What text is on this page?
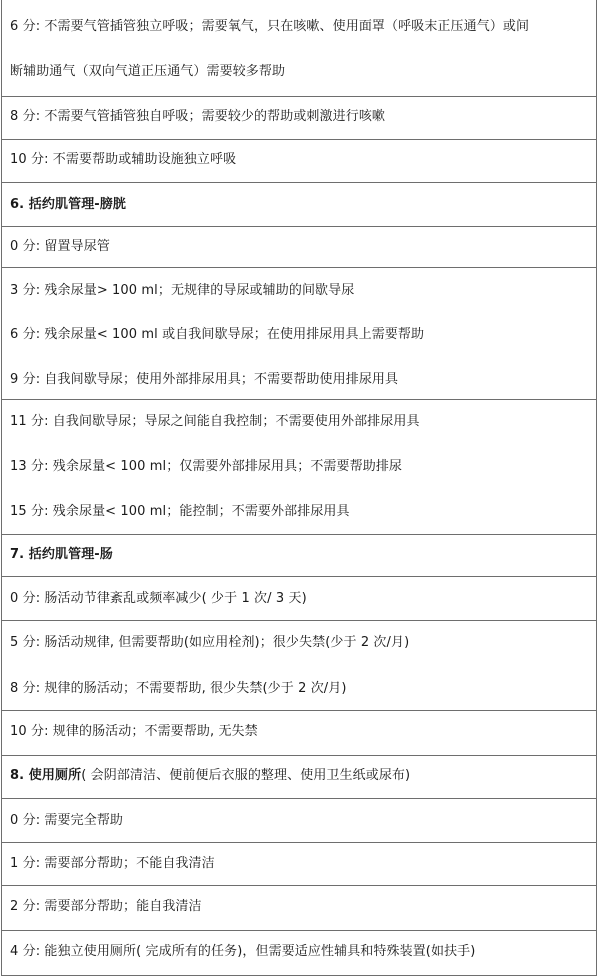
6 分: 不需要气管插管独立呼吸；需要氧气，只在咳嗽、使用面罩（呼吸末正压通气）或间
断辅助通气（双向气道正压通气）需要较多帮助
8 分: 不需要气管插管独自呼吸；需要较少的帮助或刺激进行咳嗽
10 分: 不需要帮助或辅助设施独立呼吸
6. 括约肌管理-膀胱
0 分: 留置导尿管
3 分: 残余尿量> 100 ml；无规律的导尿或辅助的间歇导尿
6 分: 残余尿量< 100 ml 或自我间歇导尿；在使用排尿用具上需要帮助
9 分: 自我间歇导尿；使用外部排尿用具；不需要帮助使用排尿用具
11 分: 自我间歇导尿；导尿之间能自我控制；不需要使用外部排尿用具
13 分: 残余尿量< 100 ml；仅需要外部排尿用具；不需要帮助排尿
15 分: 残余尿量< 100 ml；能控制；不需要外部排尿用具
7. 括约肌管理-肠
0 分: 肠活动节律紊乱或频率减少( 少于 1 次/ 3 天)
5 分: 肠活动规律, 但需要帮助(如应用栓剂)；很少失禁(少于 2 次/月)
8 分: 规律的肠活动；不需要帮助, 很少失禁(少于 2 次/月)
10 分: 规律的肠活动；不需要帮助, 无失禁
8. 使用厕所( 会阴部清洁、便前便后衣服的整理、使用卫生纸或尿布)
0 分: 需要完全帮助
1 分: 需要部分帮助；不能自我清洁
2 分: 需要部分帮助；能自我清洁
4 分: 能独立使用厕所( 完成所有的任务)，但需要适应性辅具和特殊装置(如扶手)
